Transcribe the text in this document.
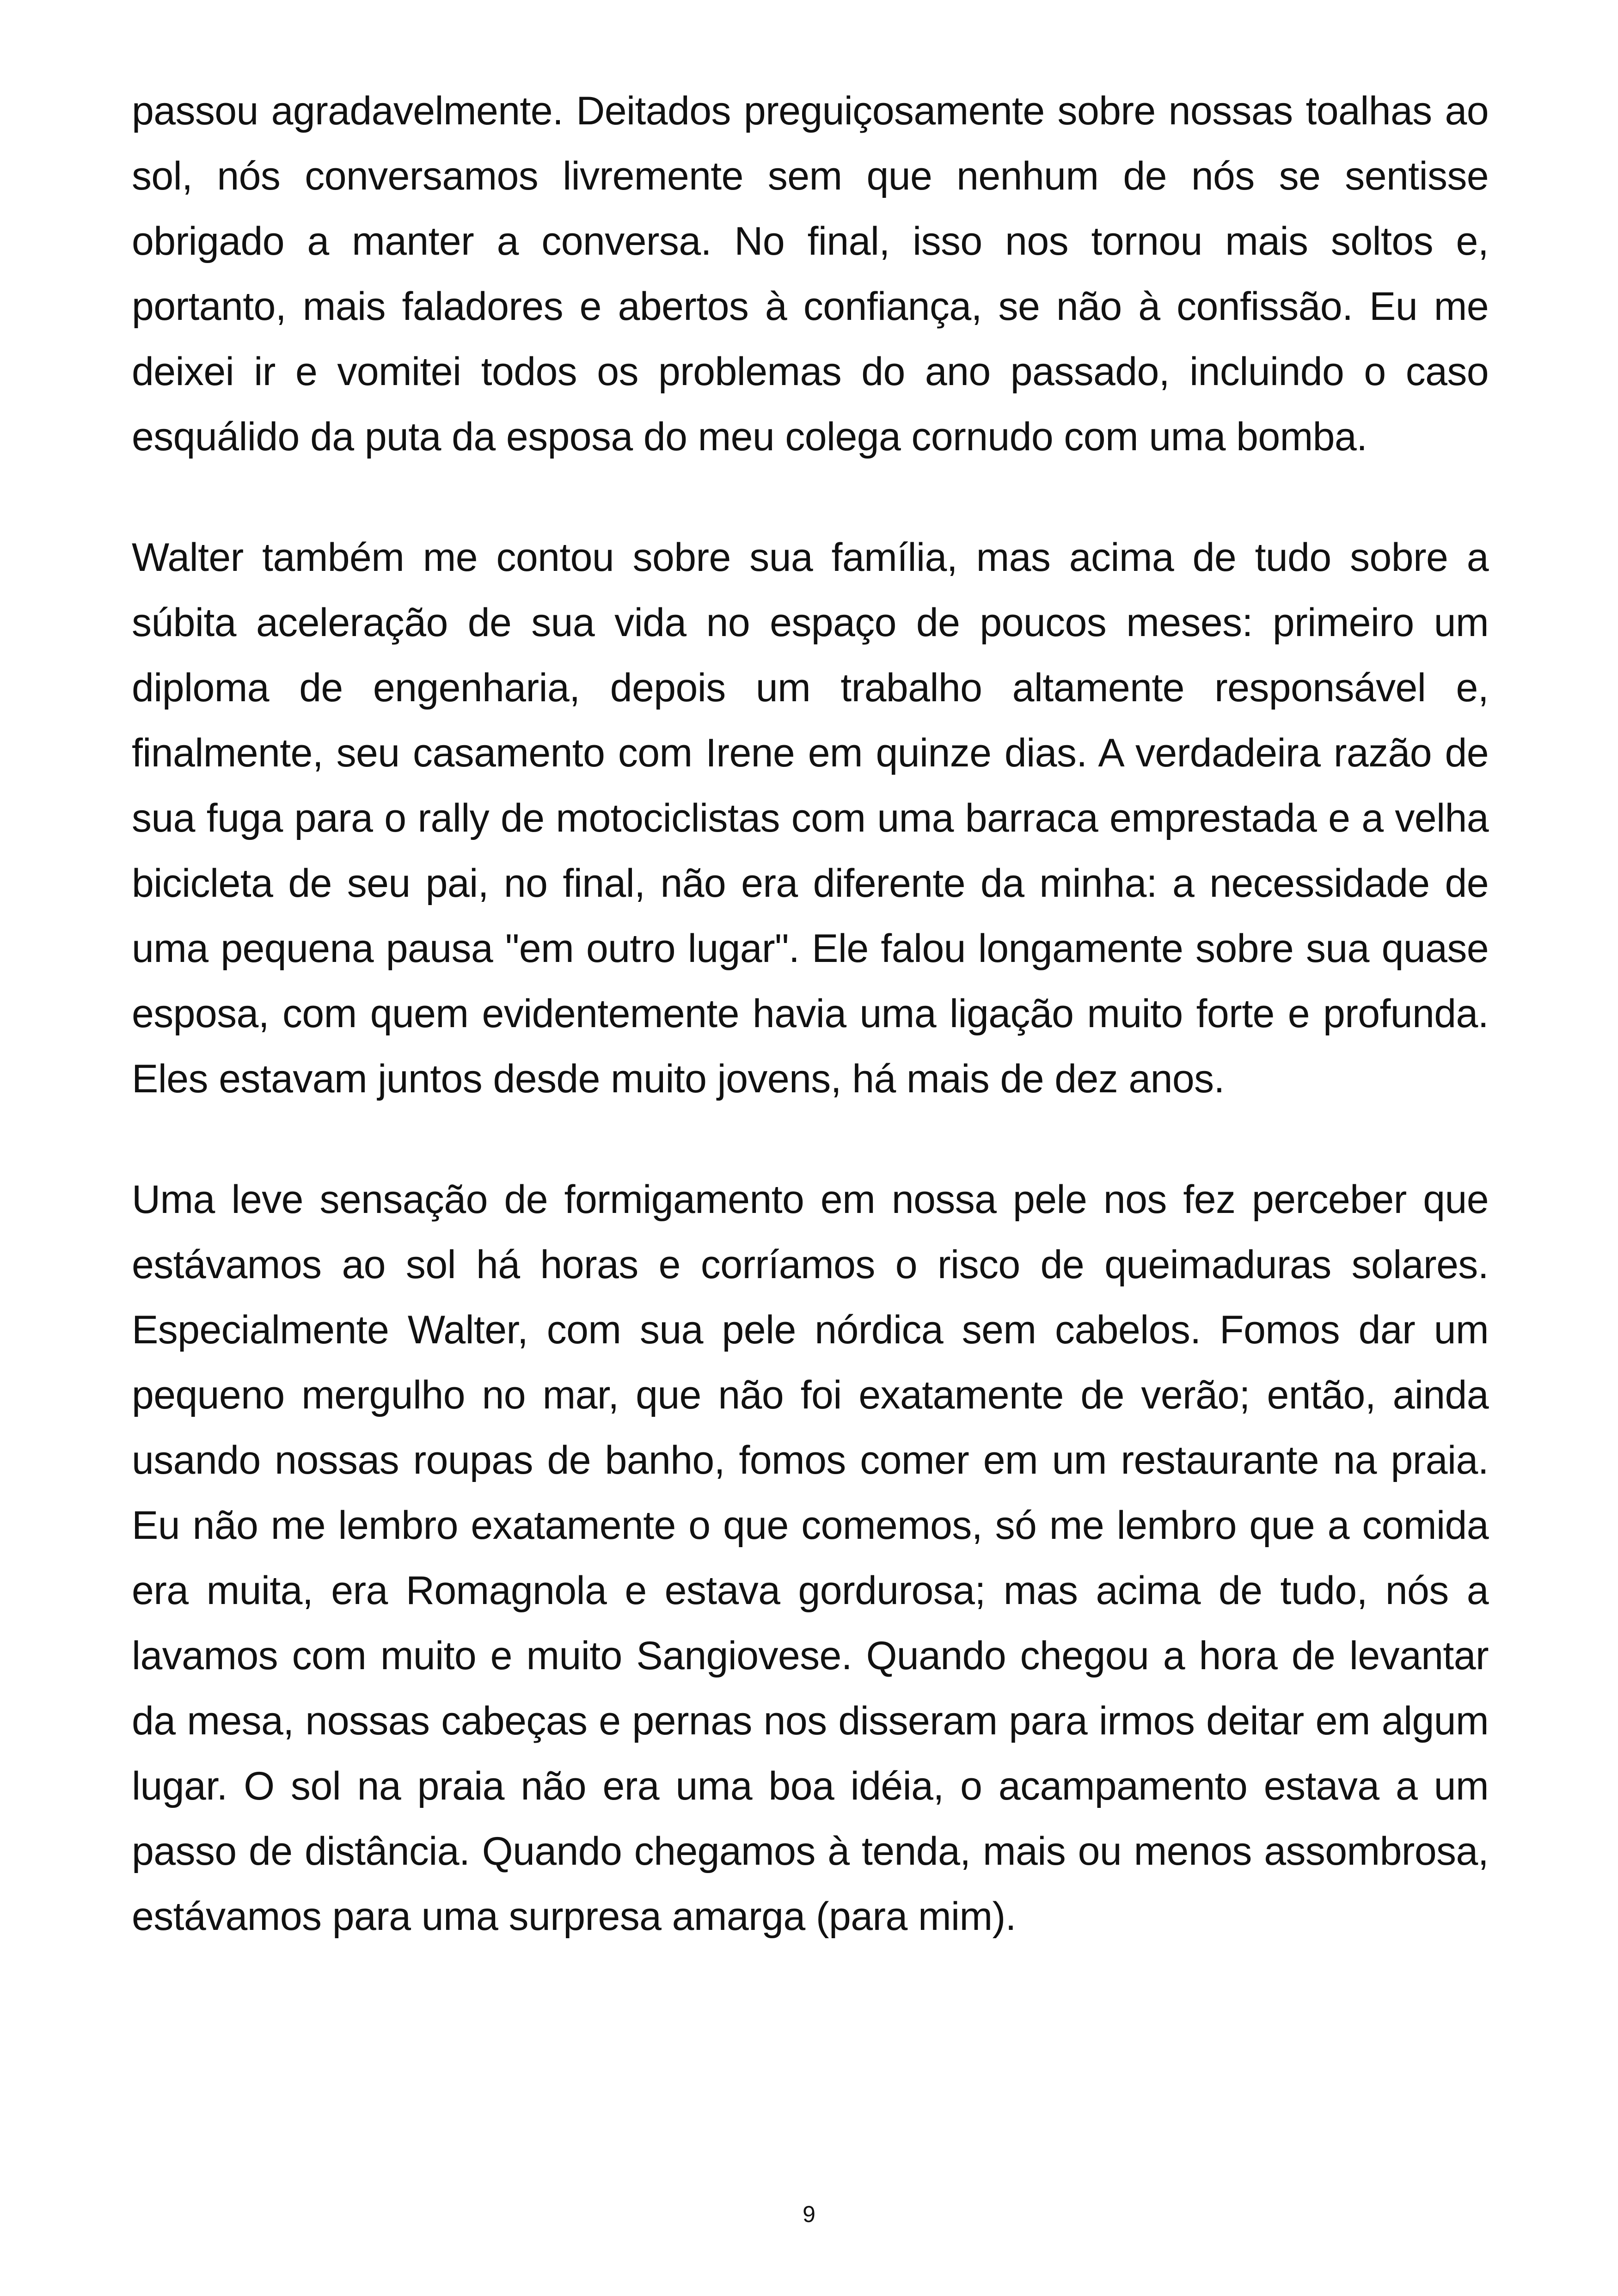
passou agradavelmente. Deitados preguiçosamente sobre nossas toalhas ao sol, nós conversamos livremente sem que nenhum de nós se sentisse obrigado a manter a conversa. No final, isso nos tornou mais soltos e, portanto, mais faladores e abertos à confiança, se não à confissão. Eu me deixei ir e vomitei todos os problemas do ano passado, incluindo o caso esquálido da puta da esposa do meu colega cornudo com uma bomba.

Walter também me contou sobre sua família, mas acima de tudo sobre a súbita aceleração de sua vida no espaço de poucos meses: primeiro um diploma de engenharia, depois um trabalho altamente responsável e, finalmente, seu casamento com Irene em quinze dias. A verdadeira razão de sua fuga para o rally de motociclistas com uma barraca emprestada e a velha bicicleta de seu pai, no final, não era diferente da minha: a necessidade de uma pequena pausa "em outro lugar". Ele falou longamente sobre sua quase esposa, com quem evidentemente havia uma ligação muito forte e profunda. Eles estavam juntos desde muito jovens, há mais de dez anos.

Uma leve sensação de formigamento em nossa pele nos fez perceber que estávamos ao sol há horas e corríamos o risco de queimaduras solares. Especialmente Walter, com sua pele nórdica sem cabelos. Fomos dar um pequeno mergulho no mar, que não foi exatamente de verão; então, ainda usando nossas roupas de banho, fomos comer em um restaurante na praia. Eu não me lembro exatamente o que comemos, só me lembro que a comida era muita, era Romagnola e estava gordurosa; mas acima de tudo, nós a lavamos com muito e muito Sangiovese. Quando chegou a hora de levantar da mesa, nossas cabeças e pernas nos disseram para irmos deitar em algum lugar. O sol na praia não era uma boa idéia, o acampamento estava a um passo de distância. Quando chegamos à tenda, mais ou menos assombrosa, estávamos para uma surpresa amarga (para mim).

9
